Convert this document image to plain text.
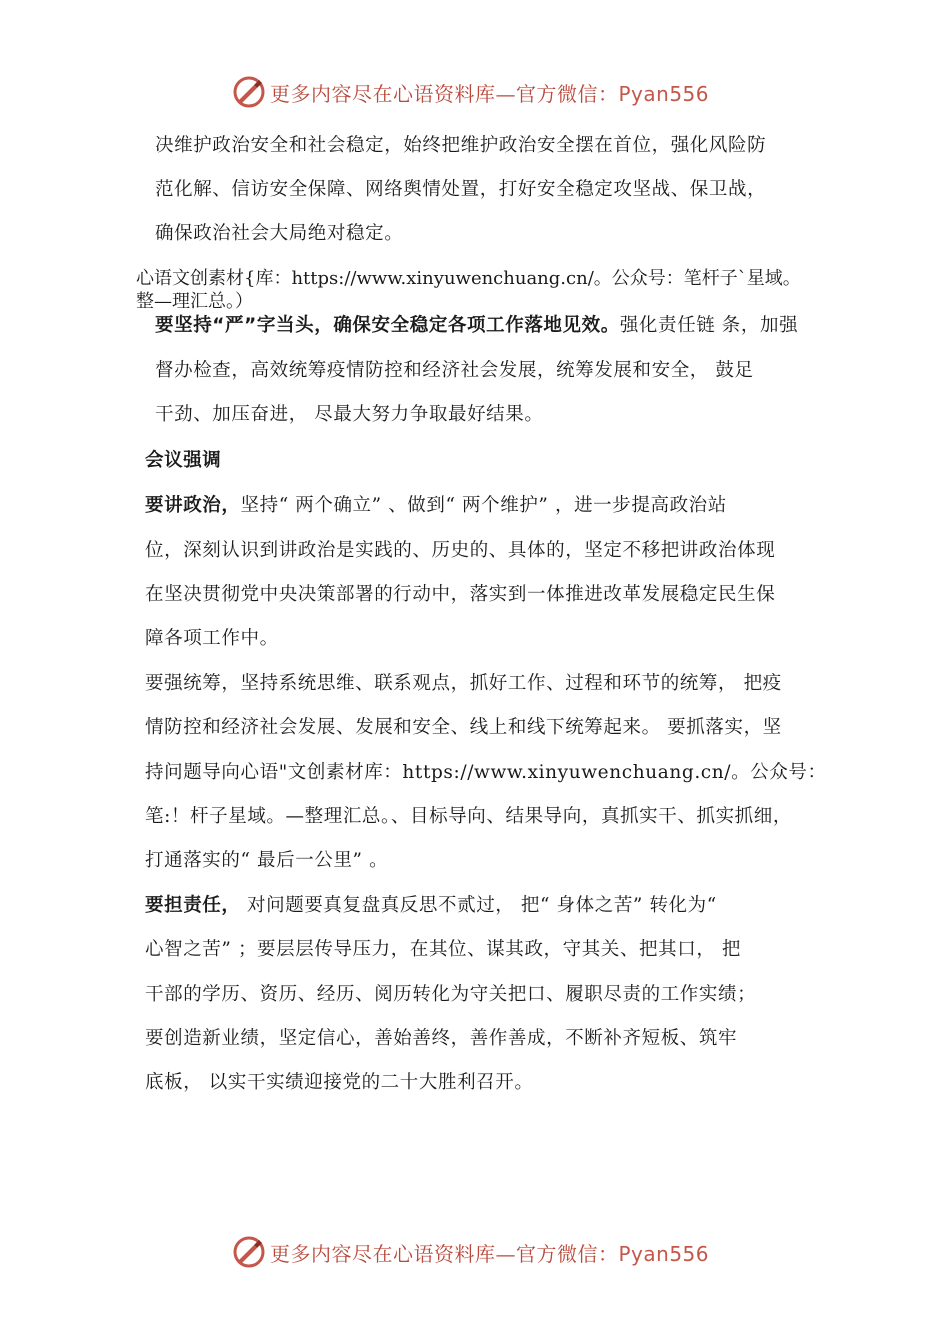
更多内容尽在心语资料库—官方微信：Pyan556
决维护政治安全和社会稳定，始终把维护政治安全摆在首位，强化风险防
范化解、信访安全保障、网络舆情处置，打好安全稳定攻坚战、保卫战，
确保政治社会大局绝对稳定。
心语文创素材{库：https://www.xinyuwenchuang.cn/。公众号：笔杆子`星域。
整—理汇总。）
要坚持“严”字当头，确保安全稳定各项工作落地见效。强化责任链 条，加强
督办检查，高效统筹疫情防控和经济社会发展，统筹发展和安全， 鼓足
干劲、加压奋进， 尽最大努力争取最好结果。
会议强调
要讲政治，坚持“ 两个确立” 、做到“ 两个维护” ，进一步提高政治站
位，深刻认识到讲政治是实践的、历史的、具体的，坚定不移把讲政治体现
在坚决贯彻党中央决策部署的行动中，落实到一体推进改革发展稳定民生保
障各项工作中。
要强统筹，坚持系统思维、联系观点，抓好工作、过程和环节的统筹， 把疫
情防控和经济社会发展、发展和安全、线上和线下统筹起来。 要抓落实，坚
持问题导向心语"文创素材库：https://www.xinyuwenchuang.cn/。公众号：
笔:！杆子星域。—整理汇总。、目标导向、结果导向，真抓实干、抓实抓细，
打通落实的“ 最后一公里” 。
要担责任， 对问题要真复盘真反思不贰过， 把“ 身体之苦” 转化为“
心智之苦” ；要层层传导压力，在其位、谋其政，守其关、把其口， 把
干部的学历、资历、经历、阅历转化为守关把口、履职尽责的工作实绩；
要创造新业绩，坚定信心，善始善终，善作善成，不断补齐短板、筑牢
底板， 以实干实绩迎接党的二十大胜利召开。
更多内容尽在心语资料库—官方微信：Pyan556
